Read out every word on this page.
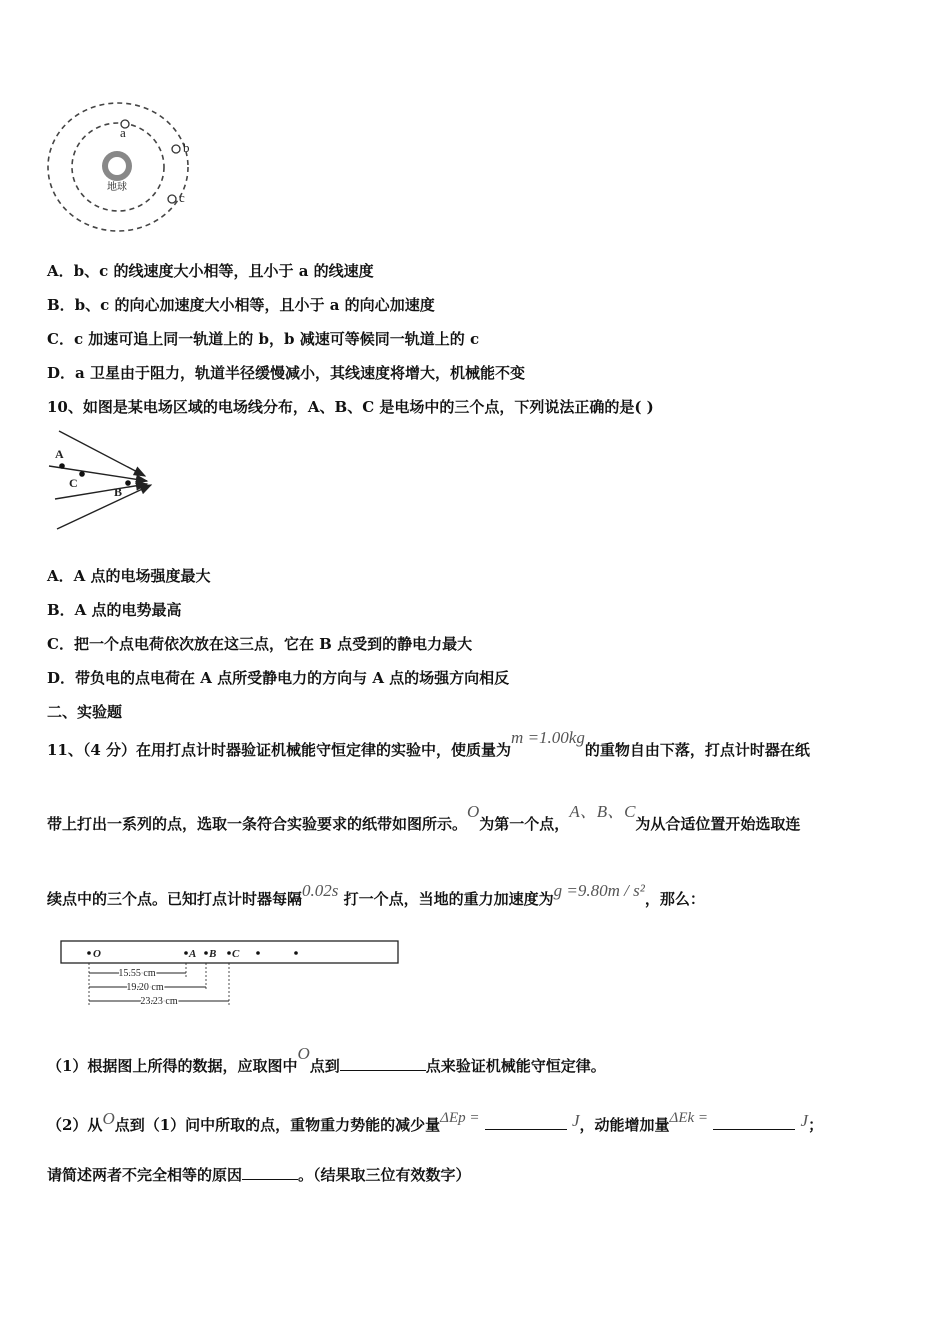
地球
a
b
c
A．b、c 的线速度大小相等，且小于 a 的线速度
B．b、c 的向心加速度大小相等，且小于 a 的向心加速度
C．c 加速可追上同一轨道上的 b，b 减速可等候同一轨道上的 c
D．a 卫星由于阻力，轨道半径缓慢减小，其线速度将增大，机械能不变
10、如图是某电场区域的电场线分布，A、B、C 是电场中的三个点，下列说法正确的是( )
A
C
B
A．A 点的电场强度最大
B．A 点的电势最高
C．把一个点电荷依次放在这三点，它在 B 点受到的静电力最大
D．带负电的点电荷在 A 点所受静电力的方向与 A 点的场强方向相反
二、实验题
11、（4 分）在用打点计时器验证机械能守恒定律的实验中，使质量为m =1.00kg的重物自由下落，打点计时器在纸
带上打出一系列的点，选取一条符合实验要求的纸带如图所示。O为第一个点，A、B、C为从合适位置开始选取连
续点中的三个点。已知打点计时器每隔0.02s 打一个点，当地的重力加速度为g =9.80m / s²，那么：
O	A B C
15.55 cm
19.20 cm
23.23 cm
（1）根据图上所得的数据，应取图中O点到	点来验证机械能守恒定律。
（2）从O点到（1）问中所取的点，重物重力势能的减少量ΔEp =	J，动能增加量ΔEk =	J；
请简述两者不完全相等的原因	。（结果取三位有效数字）
